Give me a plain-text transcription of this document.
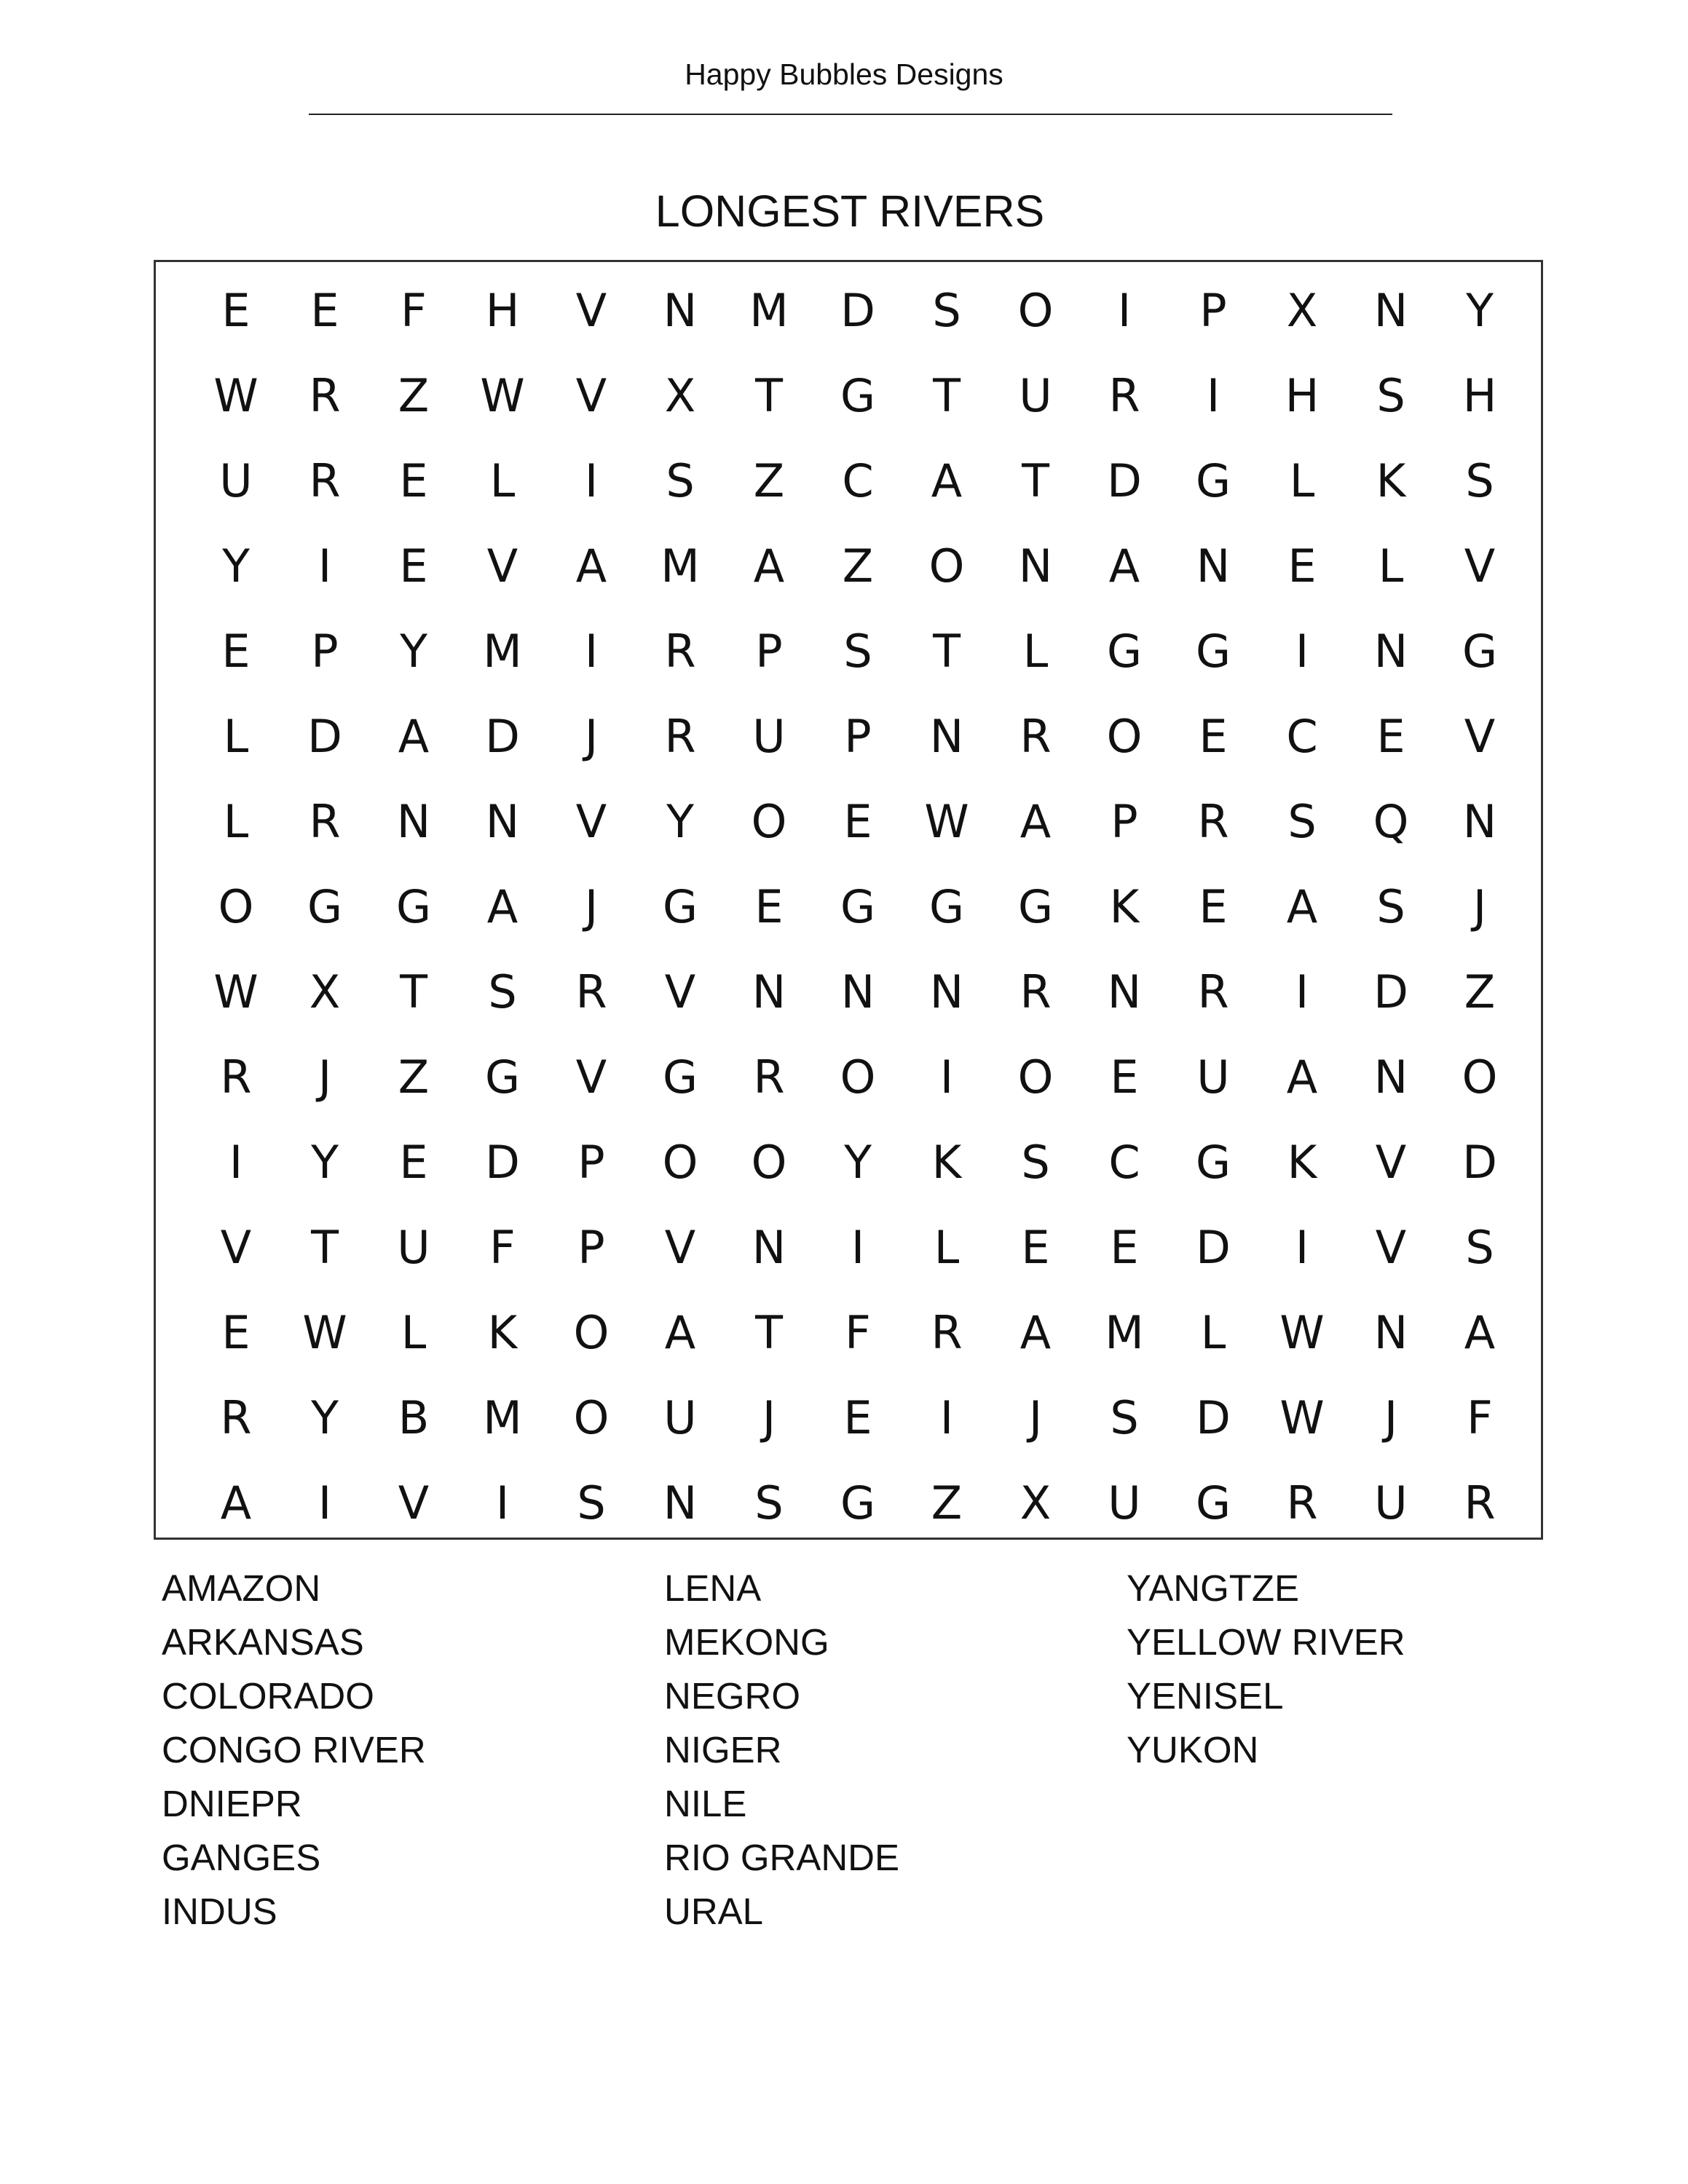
Happy Bubbles Designs
LONGEST RIVERS
E	E	F	H	V	N	M	D	S	O	I	P	X	N	Y
W	R	Z	W	V	X	T	G	T	U	R	I	H	S	H
U	R	E	L	I	S	Z	C	A	T	D	G	L	K	S
Y	I	E	V	A	M	A	Z	O	N	A	N	E	L	V
E	P	Y	M	I	R	P	S	T	L	G	G	I	N	G
L	D	A	D	J	R	U	P	N	R	O	E	C	E	V
L	R	N	N	V	Y	O	E	W	A	P	R	S	Q	N
O	G	G	A	J	G	E	G	G	G	K	E	A	S	J
W	X	T	S	R	V	N	N	N	R	N	R	I	D	Z
R	J	Z	G	V	G	R	O	I	O	E	U	A	N	O
I	Y	E	D	P	O	O	Y	K	S	C	G	K	V	D
V	T	U	F	P	V	N	I	L	E	E	D	I	V	S
E	W	L	K	O	A	T	F	R	A	M	L	W	N	A
R	Y	B	M	O	U	J	E	I	J	S	D	W	J	F
A	I	V	I	S	N	S	G	Z	X	U	G	R	U	R
AMAZON
ARKANSAS
COLORADO
CONGO RIVER
DNIEPR
GANGES
INDUS
LENA
MEKONG
NEGRO
NIGER
NILE
RIO GRANDE
URAL
YANGTZE
YELLOW RIVER
YENISEL
YUKON
